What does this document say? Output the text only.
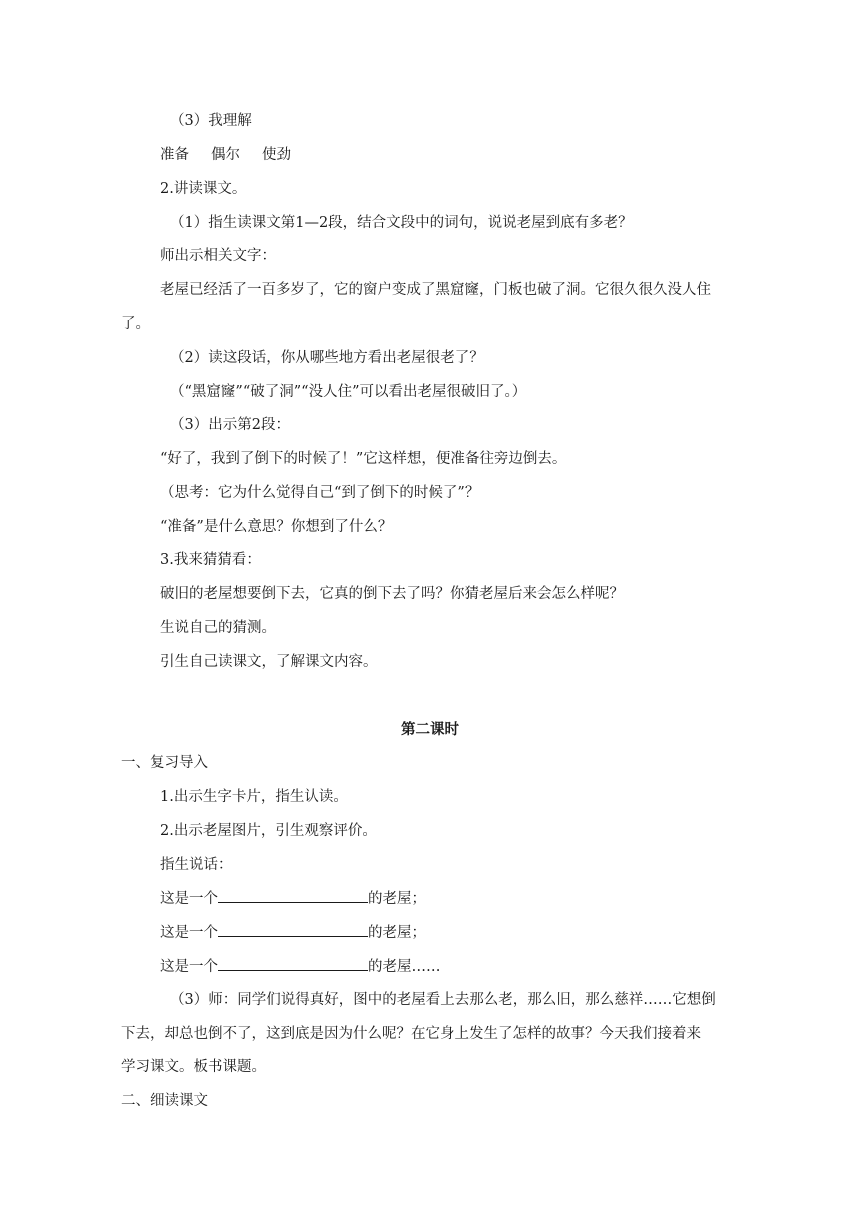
（3）我理解
准备 偶尔 使劲
2.讲读课文。
（1）指生读课文第1—2段，结合文段中的词句，说说老屋到底有多老？
师出示相关文字：
老屋已经活了一百多岁了，它的窗户变成了黑窟窿，门板也破了洞。它很久很久没人住
了。
（2）读这段话，你从哪些地方看出老屋很老了？
（“黑窟窿”“破了洞”“没人住”可以看出老屋很破旧了。）
（3）出示第2段：
“好了，我到了倒下的时候了！”它这样想，便准备往旁边倒去。
（思考：它为什么觉得自己“到了倒下的时候了”？
“准备”是什么意思？你想到了什么？
3.我来猜猜看：
破旧的老屋想要倒下去，它真的倒下去了吗？你猜老屋后来会怎么样呢？
生说自己的猜测。
引生自己读课文，了解课文内容。
第二课时
一、复习导入
1.出示生字卡片，指生认读。
2.出示老屋图片，引生观察评价。
指生说话：
这是一个	的老屋；
这是一个	的老屋；
这是一个	的老屋……
（3）师：同学们说得真好，图中的老屋看上去那么老，那么旧，那么慈祥……它想倒
下去，却总也倒不了，这到底是因为什么呢？在它身上发生了怎样的故事？今天我们接着来
学习课文。板书课题。
二、细读课文
